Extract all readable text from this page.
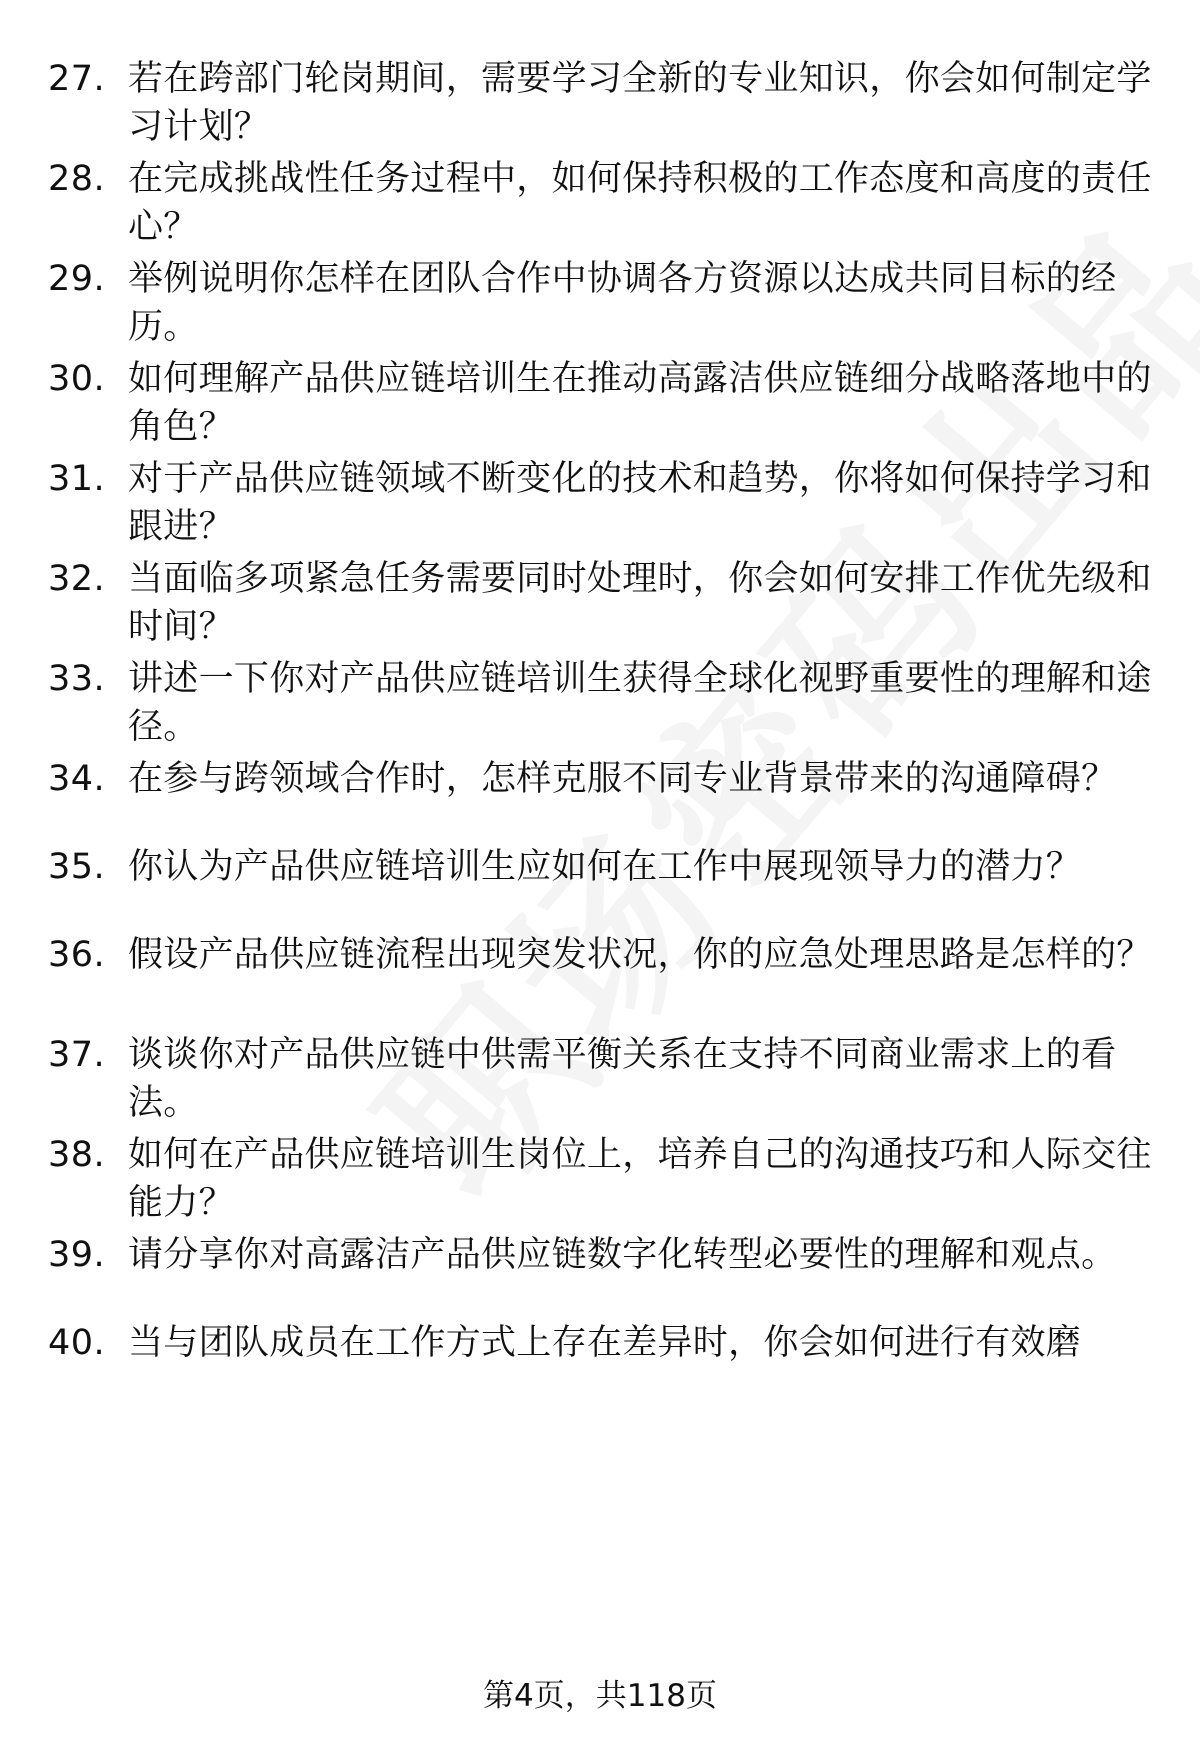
27. 若在跨部门轮岗期间，需要学习全新的专业知识，你会如何制定学习计划？
28. 在完成挑战性任务过程中，如何保持积极的工作态度和高度的责任心？
29. 举例说明你怎样在团队合作中协调各方资源以达成共同目标的经历。
30. 如何理解产品供应链培训生在推动高露洁供应链细分战略落地中的角色？
31. 对于产品供应链领域不断变化的技术和趋势，你将如何保持学习和跟进？
32. 当面临多项紧急任务需要同时处理时，你会如何安排工作优先级和时间？
33. 讲述一下你对产品供应链培训生获得全球化视野重要性的理解和途径。
34. 在参与跨领域合作时，怎样克服不同专业背景带来的沟通障碍？
35. 你认为产品供应链培训生应如何在工作中展现领导力的潜力？
36. 假设产品供应链流程出现突发状况，你的应急处理思路是怎样的？
37. 谈谈你对产品供应链中供需平衡关系在支持不同商业需求上的看法。
38. 如何在产品供应链培训生岗位上，培养自己的沟通技巧和人际交往能力？
39. 请分享你对高露洁产品供应链数字化转型必要性的理解和观点。
40. 当与团队成员在工作方式上存在差异时，你会如何进行有效磨
第4页，共118页
